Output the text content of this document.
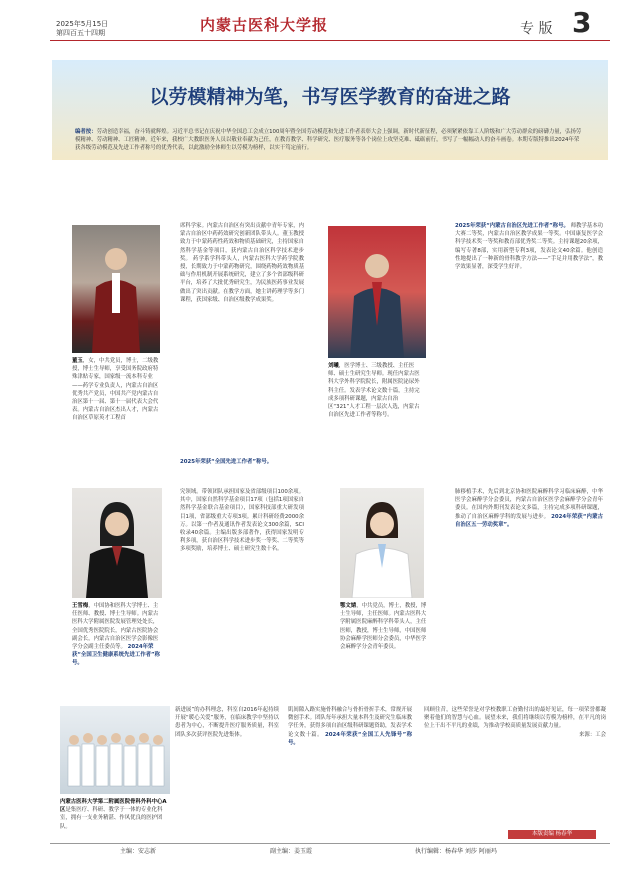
2025年5月15日
第四百五十四期	内蒙古医科大学报	专 版 3
以劳模精神为笔，书写医学教育的奋进之路
编者按：劳动创造幸福，奋斗铸就辉煌。习近平总书记在庆祝中华全国总工会成立100周年暨全国劳动模范和先进工作者表彰大会上强调，新时代新征程，必须紧紧依靠工人阶级和广大劳动群众的磅礴力量，弘扬劳模精神、劳动精神、工匠精神。近年来，我校广大教职医务人员以敬业奉献为己任，在教育教学、科学研究、医疗服务等各个岗位上攻坚克难、砥砺前行，书写了一幅幅动人的奋斗画卷。本期专版特推出2024年荣获各级劳动模范及先进工作者称号的优秀代表，以此激励全体师生以劳模为榜样，以实干笃定前行。
董玉，女，中共党员，博士，二级教授，博士生导师，享受国务院政府特殊津贴专家，国家级一流本科专业——药学专业负责人，内蒙古自治区优秀共产党员，中国共产党内蒙古自治区第十一届、第十一届代表大会代表。内蒙古自治区杰出人才，内蒙古自治区草原英才工程首
席科学家。内蒙古自治区有突出贡献中青年专家，内蒙古自治区中药药效研究创新团队带头人。董玉教授致力于中蒙药药性药效和物质基础研究，主持国家自然科学基金等项目，获内蒙古自治区科学技术进步奖。 药学系学科带头人，内蒙古医科大学药学院教授，长期致力于中蒙药物研究，围绕药物药效物质基础与作用机制开展系统研究，建立了多个省部级科研平台，培养了大批优秀研究生，为民族医药事业发展做出了突出贡献。在教学方面，她主讲药理学等多门课程，获国家级、自治区级教学成果奖。
2025年荣获“全国先进工作者”称号。
刘曦，医学博士、三级教授、主任医师、硕士生研究生导师。现任内蒙古医科大学外科学院院长，附属医院泌尿外科主任。发表学术论文数十篇，主持完成多项科研课题，内蒙古自治区“321”人才工程一层次人选，内蒙古自治区先进工作者等称号。
2025年荣获“内蒙古自治区先进工作者”称号。 师教学基本功大赛二等奖，内蒙古自治区教学成果一等奖。中国康复医学会科学技术奖一等奖和教育部优秀奖二等奖。主持课题20余项，编写专著8部，实用新型专利3项，发表论文40余篇。他创造性地提出了一种新的骨科教学方法——“手足并用教学法”，教学效果显著，深受学生好评。
王雪梅，中国协和医科大学博士、主任医师、教授、博士生导师。内蒙古医科大学附属医院发展管理处处长，全国优秀医院院长，内蒙古医院协会副会长，内蒙古自治区医学会影像医学分会副主任委员等。 2024年荣获“全国卫生健康系统先进工作者”称号。
究领域。带领团队承担国家及省部级项目100余项。其中，国家自然科学基金项目17项（包括1项国家自然科学基金联合基金项目），国家科技部重大研发项目1项，省部级重大专项3项。累计科研经费2000余万。以第一作者及通讯作者发表论文300余篇，SCI收录40余篇。主编出版多部著作，获得国家发明专利多项，获自治区科学技术进步奖一等奖、二等奖等多项奖励，培养博士、硕士研究生数十名。
鄂文婧，中共党员，博士，教授，博士生导师，主任医师。内蒙古医科大学附属医院麻醉科学科带头人，主任医师，教授，博士生导师，中国医师协会麻醉学医师分会委员，中华医学会麻醉学分会青年委员。
肺移植手术，先后到北京协和医院麻醉科学习临床麻醉，中华医学会麻醉学分会委员，内蒙古自治区医学会麻醉学分会青年委员。在国内外期刊发表论文多篇，主持完成多项科研课题，推动了自治区麻醉学科的发展与进步。 2024年荣获“内蒙古自治区五一劳动奖章”。
内蒙古医科大学第二附属医院骨科外科中心A区是集医疗、科研、教学于一体的专业化科室，拥有一支业务精湛、作风优良的医护团队。
新进展”的办科理念，科室自2016年起持续开展“暖心关爱”服务，在临床教学中坚持以患者为中心，不断提升医疗服务质量，科室团队多次获评医院先进集体。
肌间隙入路实施骨科融合与骨折骨折手术，常规开展微创手术。团队每年承担大量本科生及研究生临床教学任务，获得多项自治区级科研课题资助，发表学术论文数十篇。 2024年荣获“全国工人先锋号”称号。
回顾往昔，这些荣誉是对学校教职工奋勤付出的最好见证，每一项荣誉都凝聚着他们的智慧与心血。展望未来，我们将继续以劳模为榜样，在平凡的岗位上干出不平凡的业绩，为推动学校高质量发展贡献力量。
来源：工会
本版责编 杨春华
主编：安志新	副主编：姜玉霞	执行编辑：杨春华 刘莎 阿丽玛
